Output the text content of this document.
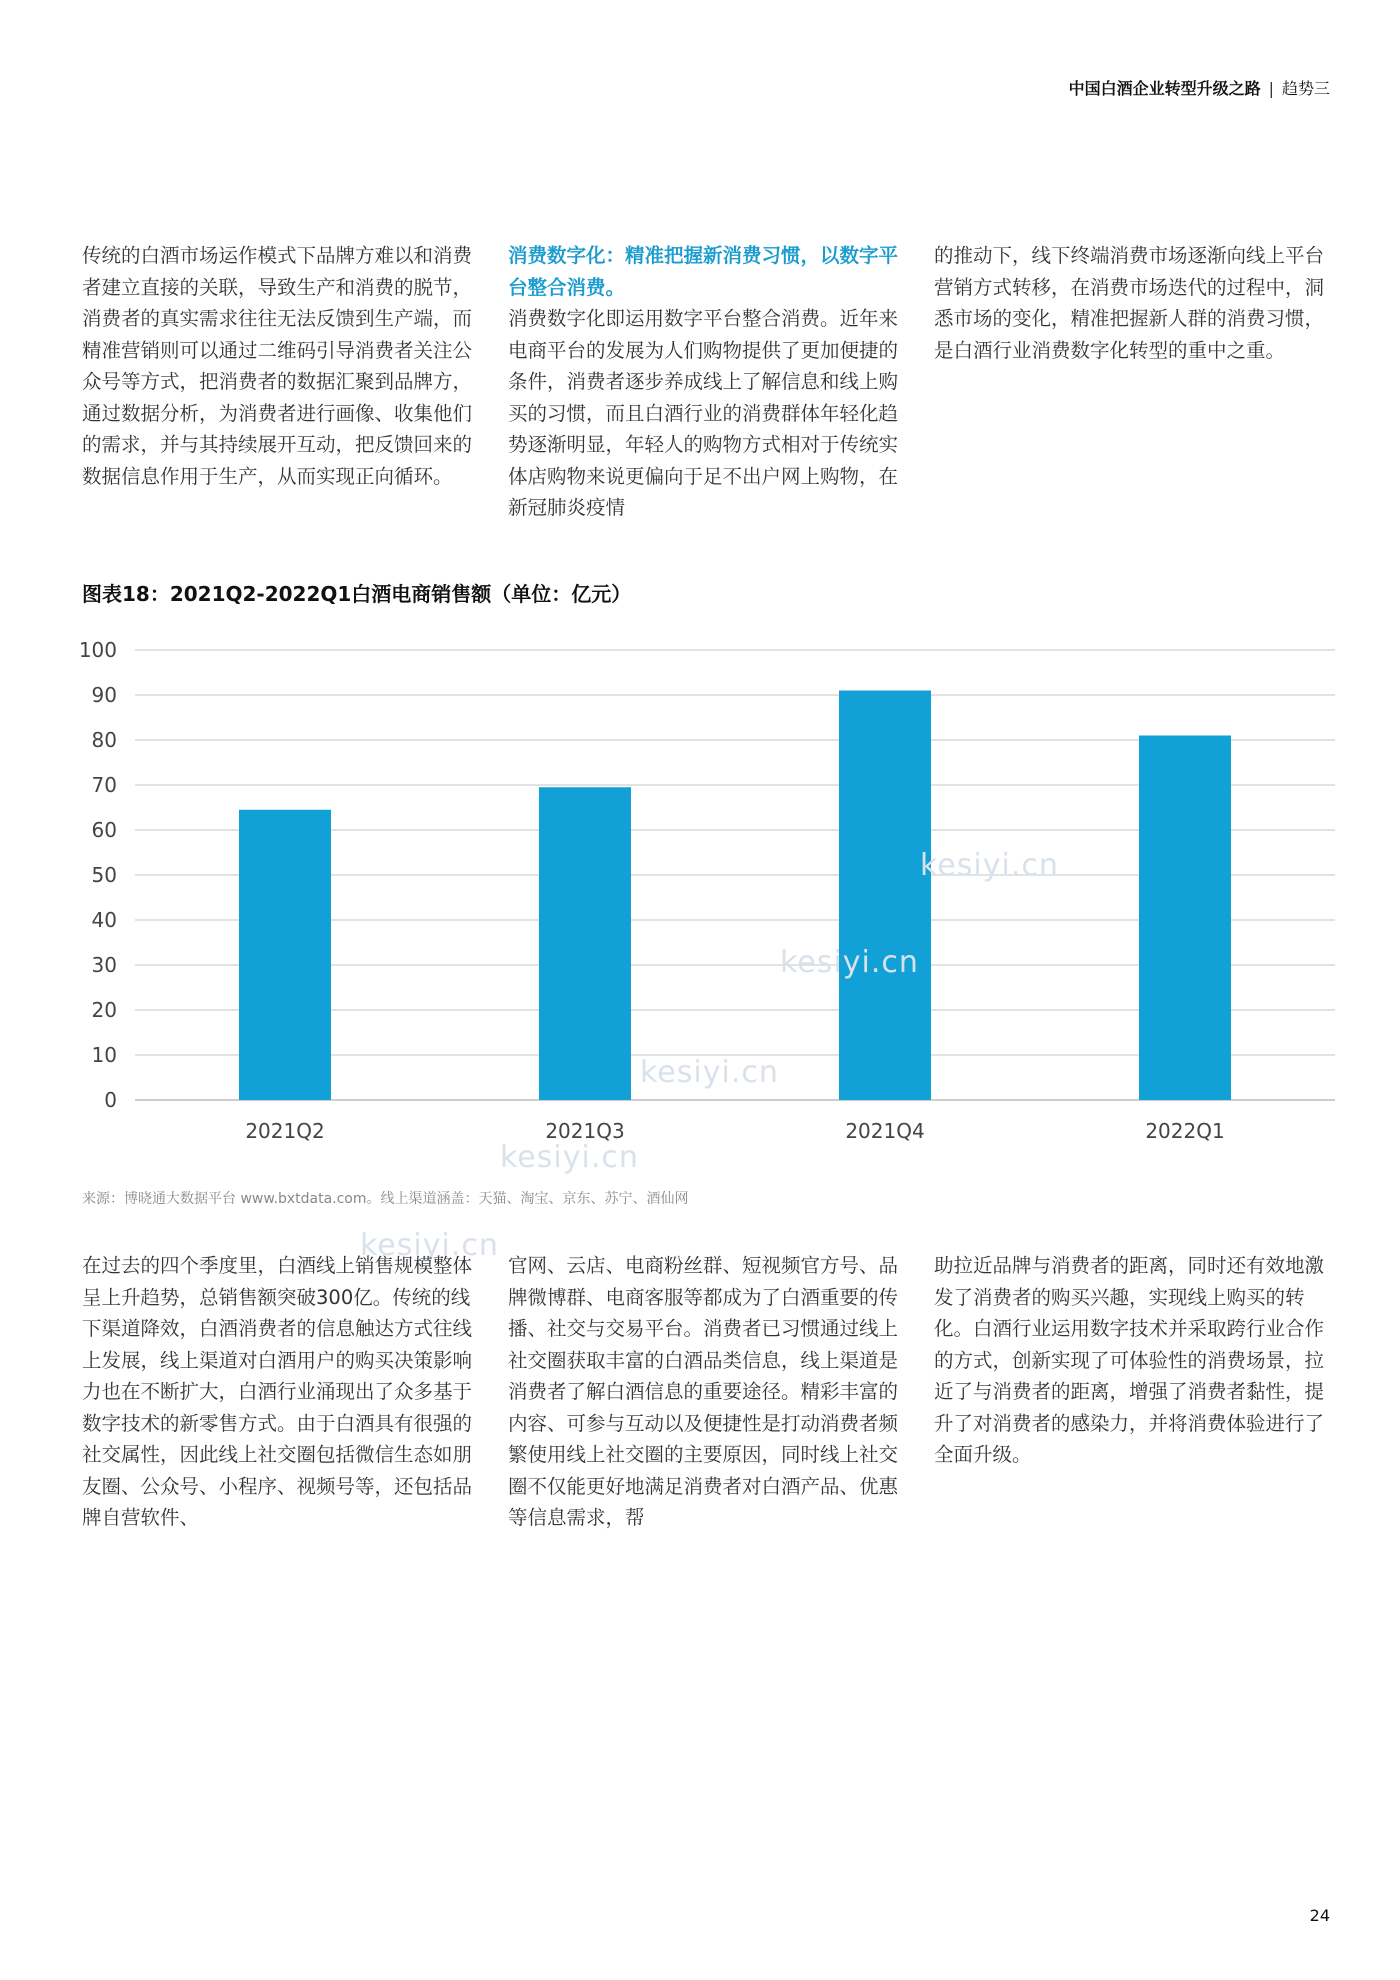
中国白酒企业转型升级之路 | 趋势三

传统的白酒市场运作模式下品牌方难以和消费者建立直接的关联，导致生产和消费的脱节，消费者的真实需求往往无法反馈到生产端，而精准营销则可以通过二维码引导消费者关注公众号等方式，把消费者的数据汇聚到品牌方，通过数据分析，为消费者进行画像、收集他们的需求，并与其持续展开互动，把反馈回来的数据信息作用于生产，从而实现正向循环。

消费数字化：精准把握新消费习惯，以数字平台整合消费。

消费数字化即运用数字平台整合消费。近年来电商平台的发展为人们购物提供了更加便捷的条件，消费者逐步养成线上了解信息和线上购买的习惯，而且白酒行业的消费群体年轻化趋势逐渐明显，年轻人的购物方式相对于传统实体店购物来说更偏向于足不出户网上购物，在新冠肺炎疫情

的推动下，线下终端消费市场逐渐向线上平台营销方式转移，在消费市场迭代的过程中，洞悉市场的变化，精准把握新人群的消费习惯，是白酒行业消费数字化转型的重中之重。

图表18：2021Q2-2022Q1白酒电商销售额（单位：亿元）
0
10
20
30
40
50
60
70
80
90
100
2021Q2	2021Q3	2021Q4	2022Q1
来源：博晓通大数据平台 www.bxtdata.com。线上渠道涵盖：天猫、淘宝、京东、苏宁、酒仙网
kesiyi.cn
kesiyi.cn
kesiyi.cn
kesiyi.cn
kesiyi.cn

在过去的四个季度里，白酒线上销售规模整体呈上升趋势，总销售额突破300亿。传统的线下渠道降效，白酒消费者的信息触达方式往线上发展，线上渠道对白酒用户的购买决策影响力也在不断扩大，白酒行业涌现出了众多基于数字技术的新零售方式。由于白酒具有很强的社交属性，因此线上社交圈包括微信生态如朋友圈、公众号、小程序、视频号等，还包括品牌自营软件、

官网、云店、电商粉丝群、短视频官方号、品牌微博群、电商客服等都成为了白酒重要的传播、社交与交易平台。消费者已习惯通过线上社交圈获取丰富的白酒品类信息，线上渠道是消费者了解白酒信息的重要途径。精彩丰富的内容、可参与互动以及便捷性是打动消费者频繁使用线上社交圈的主要原因，同时线上社交圈不仅能更好地满足消费者对白酒产品、优惠等信息需求，帮

助拉近品牌与消费者的距离，同时还有效地激发了消费者的购买兴趣，实现线上购买的转化。白酒行业运用数字技术并采取跨行业合作的方式，创新实现了可体验性的消费场景，拉近了与消费者的距离，增强了消费者黏性，提升了对消费者的感染力，并将消费体验进行了全面升级。

24
